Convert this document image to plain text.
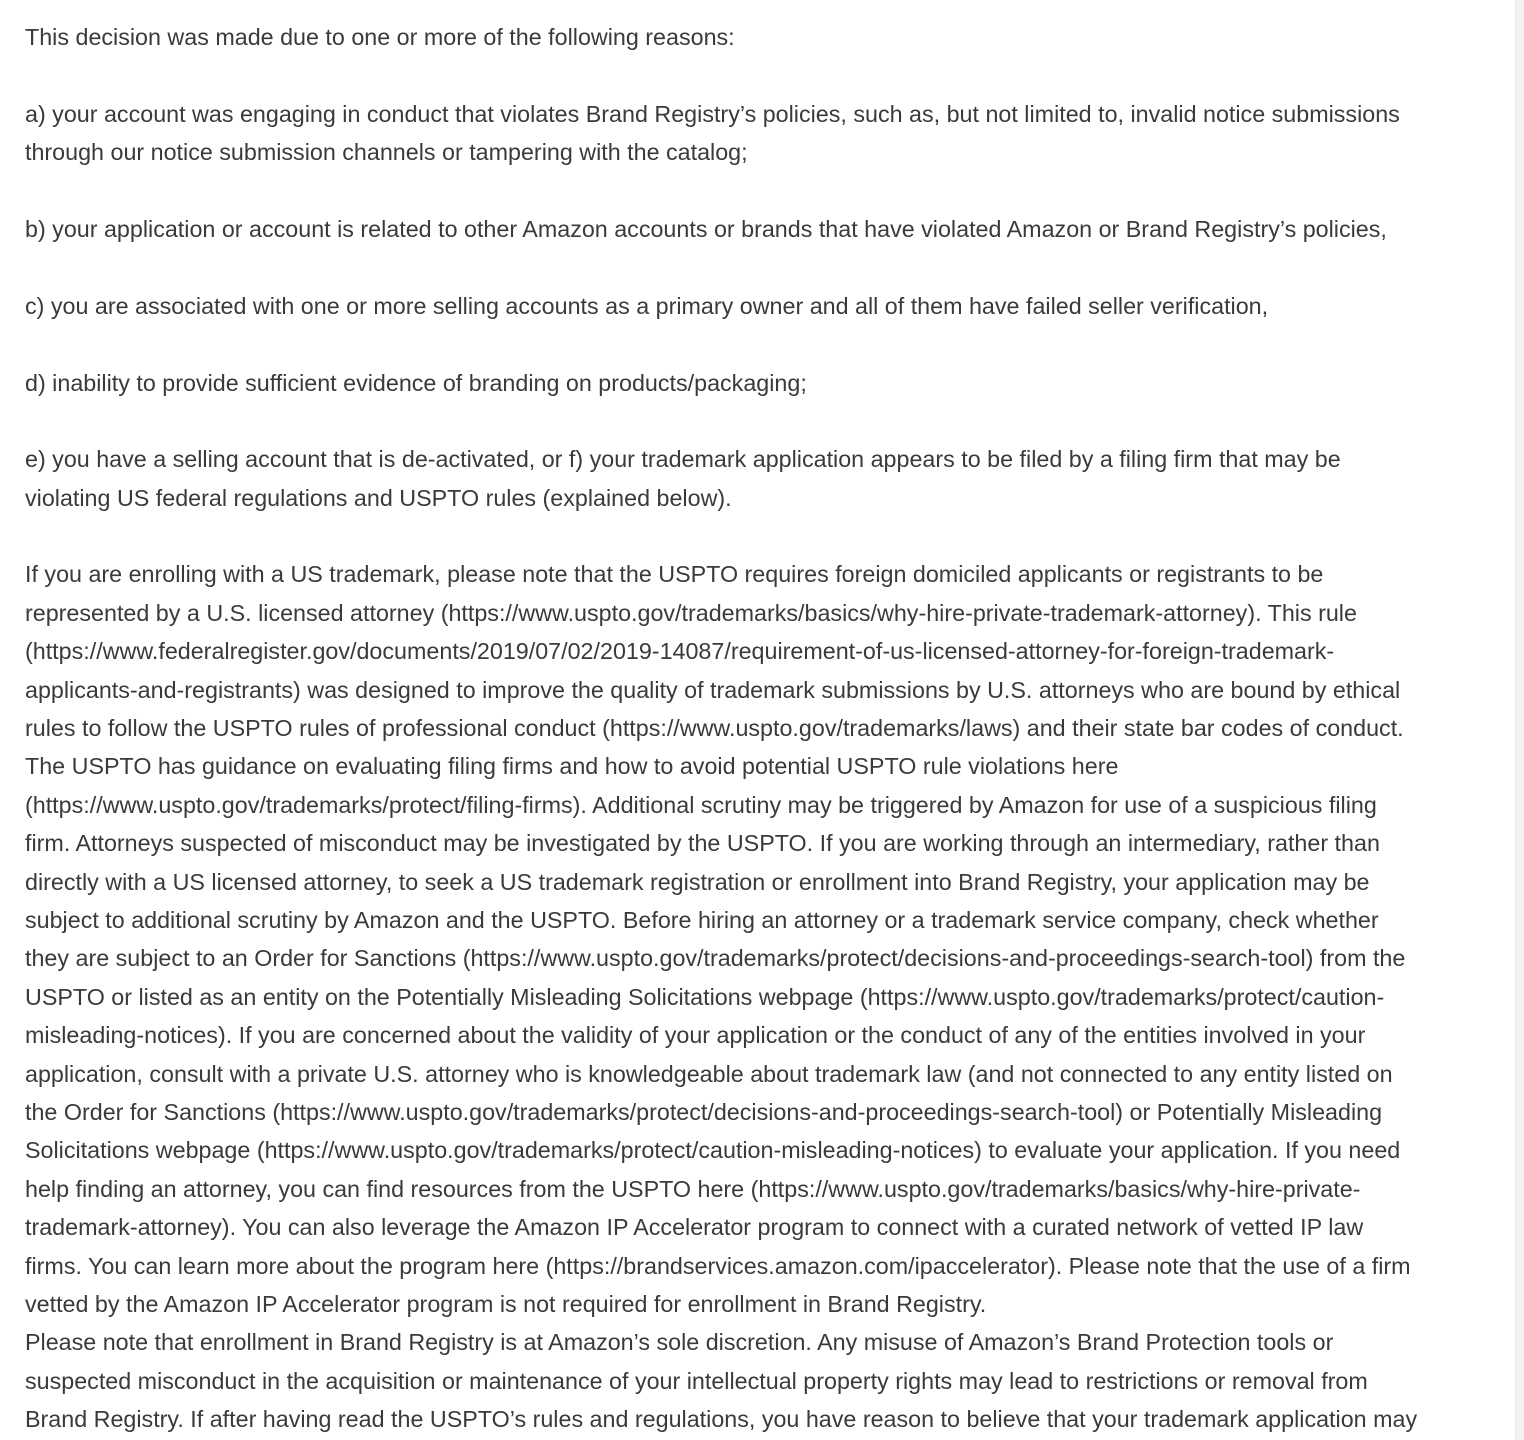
This decision was made due to one or more of the following reasons:
a) your account was engaging in conduct that violates Brand Registry’s policies, such as, but not limited to, invalid notice submissions
through our notice submission channels or tampering with the catalog;
b) your application or account is related to other Amazon accounts or brands that have violated Amazon or Brand Registry’s policies,
c) you are associated with one or more selling accounts as a primary owner and all of them have failed seller verification,
d) inability to provide sufficient evidence of branding on products/packaging;
e) you have a selling account that is de-activated, or f) your trademark application appears to be filed by a filing firm that may be
violating US federal regulations and USPTO rules (explained below).
If you are enrolling with a US trademark, please note that the USPTO requires foreign domiciled applicants or registrants to be
represented by a U.S. licensed attorney (https://www.uspto.gov/trademarks/basics/why-hire-private-trademark-attorney). This rule
(https://www.federalregister.gov/documents/2019/07/02/2019-14087/requirement-of-us-licensed-attorney-for-foreign-trademark-
applicants-and-registrants) was designed to improve the quality of trademark submissions by U.S. attorneys who are bound by ethical
rules to follow the USPTO rules of professional conduct (https://www.uspto.gov/trademarks/laws) and their state bar codes of conduct.
The USPTO has guidance on evaluating filing firms and how to avoid potential USPTO rule violations here
(https://www.uspto.gov/trademarks/protect/filing-firms). Additional scrutiny may be triggered by Amazon for use of a suspicious filing
firm. Attorneys suspected of misconduct may be investigated by the USPTO. If you are working through an intermediary, rather than
directly with a US licensed attorney, to seek a US trademark registration or enrollment into Brand Registry, your application may be
subject to additional scrutiny by Amazon and the USPTO. Before hiring an attorney or a trademark service company, check whether
they are subject to an Order for Sanctions (https://www.uspto.gov/trademarks/protect/decisions-and-proceedings-search-tool) from the
USPTO or listed as an entity on the Potentially Misleading Solicitations webpage (https://www.uspto.gov/trademarks/protect/caution-
misleading-notices). If you are concerned about the validity of your application or the conduct of any of the entities involved in your
application, consult with a private U.S. attorney who is knowledgeable about trademark law (and not connected to any entity listed on
the Order for Sanctions (https://www.uspto.gov/trademarks/protect/decisions-and-proceedings-search-tool) or Potentially Misleading
Solicitations webpage (https://www.uspto.gov/trademarks/protect/caution-misleading-notices) to evaluate your application. If you need
help finding an attorney, you can find resources from the USPTO here (https://www.uspto.gov/trademarks/basics/why-hire-private-
trademark-attorney). You can also leverage the Amazon IP Accelerator program to connect with a curated network of vetted IP law
firms. You can learn more about the program here (https://brandservices.amazon.com/ipaccelerator). Please note that the use of a firm
vetted by the Amazon IP Accelerator program is not required for enrollment in Brand Registry.
Please note that enrollment in Brand Registry is at Amazon’s sole discretion. Any misuse of Amazon’s Brand Protection tools or
suspected misconduct in the acquisition or maintenance of your intellectual property rights may lead to restrictions or removal from
Brand Registry. If after having read the USPTO’s rules and regulations, you have reason to believe that your trademark application may
